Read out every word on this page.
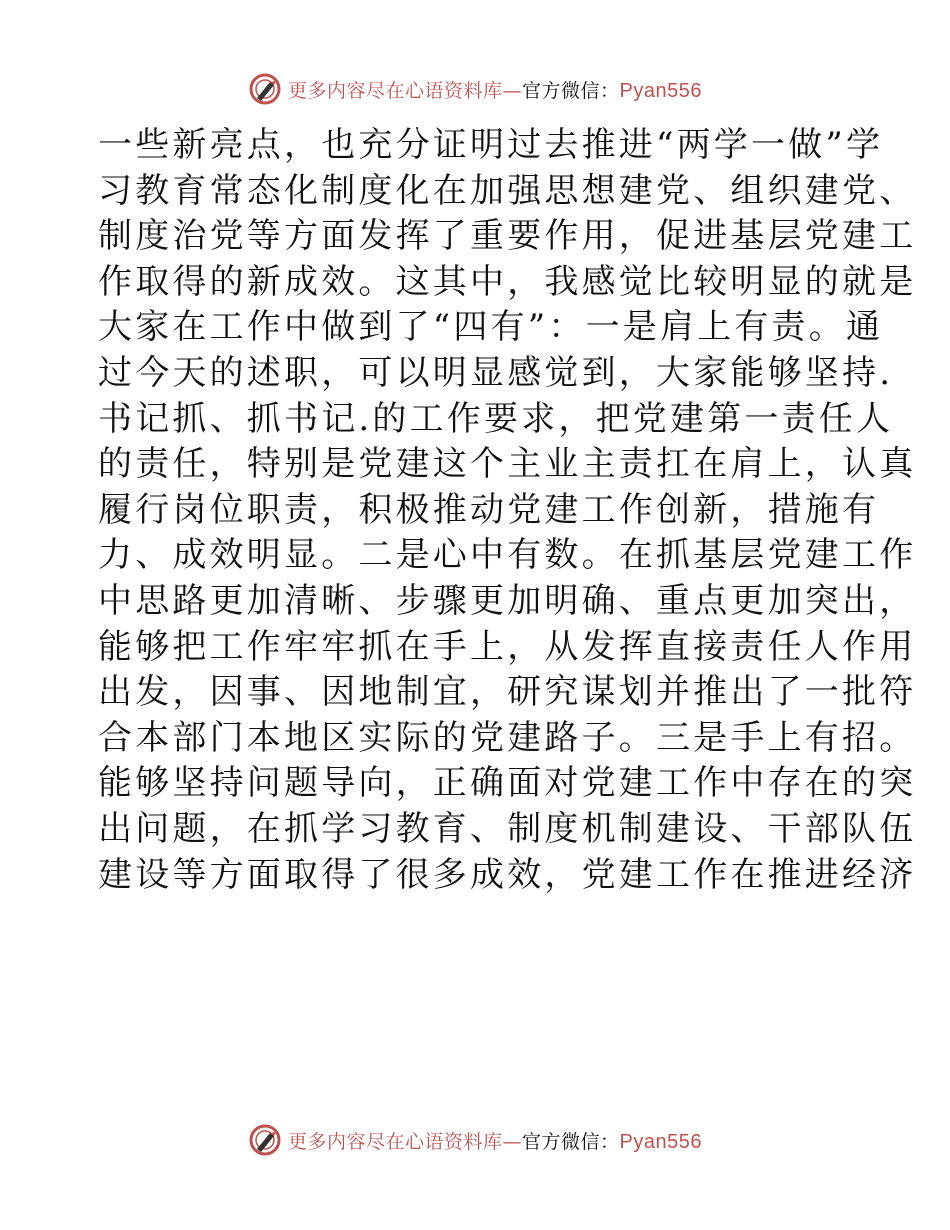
更多内容尽在心语资料库—官方微信：Pyan556
一些新亮点，也充分证明过去推进“两学一做”学
习教育常态化制度化在加强思想建党、组织建党、
制度治党等方面发挥了重要作用，促进基层党建工
作取得的新成效。这其中，我感觉比较明显的就是
大家在工作中做到了“四有”：一是肩上有责。通
过今天的述职，可以明显感觉到，大家能够坚持.
书记抓、抓书记.的工作要求，把党建第一责任人
的责任，特别是党建这个主业主责扛在肩上，认真
履行岗位职责，积极推动党建工作创新，措施有
力、成效明显。二是心中有数。在抓基层党建工作
中思路更加清晰、步骤更加明确、重点更加突出，
能够把工作牢牢抓在手上，从发挥直接责任人作用
出发，因事、因地制宜，研究谋划并推出了一批符
合本部门本地区实际的党建路子。三是手上有招。
能够坚持问题导向，正确面对党建工作中存在的突
出问题，在抓学习教育、制度机制建设、干部队伍
建设等方面取得了很多成效，党建工作在推进经济
更多内容尽在心语资料库—官方微信：Pyan556
